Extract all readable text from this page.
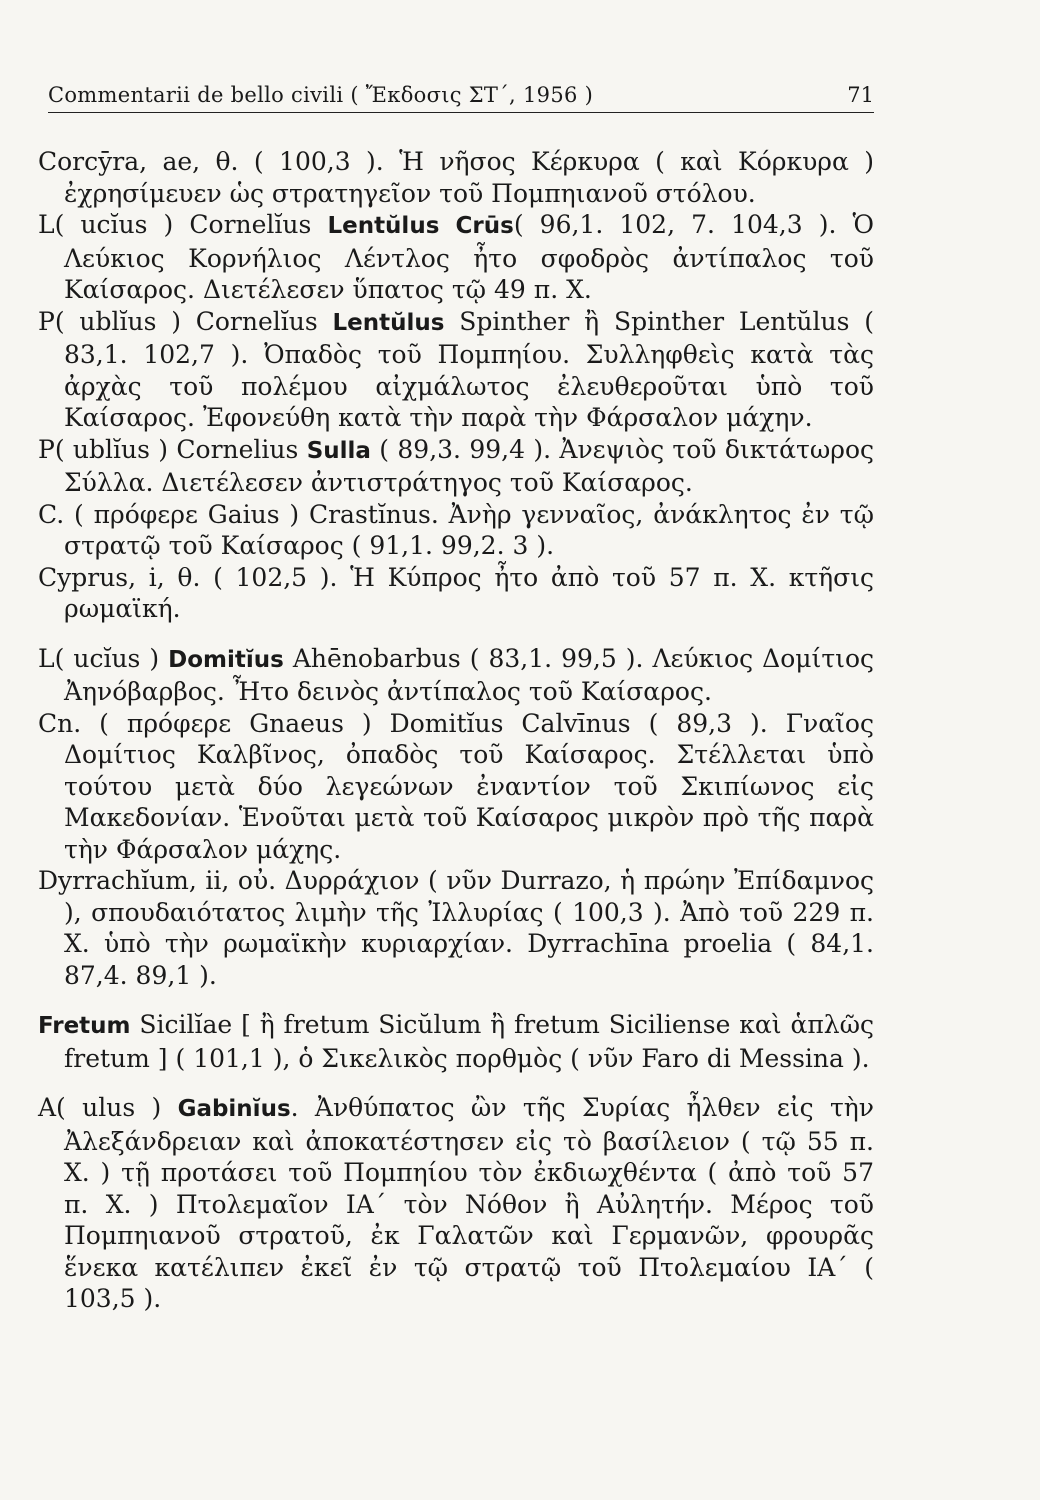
Commentarii de bello civili ( Ἔκδοσις ΣΤ΄, 1956 )	71

Corcȳra, ae, θ. ( 100,3 ). Ἡ νῆσος Κέρκυρα ( καὶ Κόρκυρα ) ἐχρησίμευεν ὡς στρατηγεῖον τοῦ Πομπηιανοῦ στόλου.

L( ucĭus ) Cornelĭus Lentŭlus Crūs( 96,1. 102, 7. 104,3 ). Ὁ Λεύκιος Κορνήλιος Λέντλος ἦτο σφοδρὸς ἀντίπαλος τοῦ Καίσαρος. Διετέλεσεν ὕπατος τῷ 49 π. Χ.

P( ublĭus ) Cornelĭus Lentŭlus Spinther ἢ Spinther Lentŭlus ( 83,1. 102,7 ). Ὀπαδὸς τοῦ Πομπηίου. Συλληφθεὶς κατὰ τὰς ἀρχὰς τοῦ πολέμου αἰχμάλωτος ἐλευθεροῦται ὑπὸ τοῦ Καίσαρος. Ἐφονεύθη κατὰ τὴν παρὰ τὴν Φάρσαλον μάχην.

P( ublĭus ) Cornelius Sulla ( 89,3. 99,4 ). Ἀνεψιὸς τοῦ δικτάτωρος Σύλλα. Διετέλεσεν ἀντιστράτηγος τοῦ Καίσαρος.

C. ( πρόφερε Gaius ) Crastĭnus. Ἀνὴρ γενναῖος, ἀνάκλητος ἐν τῷ στρατῷ τοῦ Καίσαρος ( 91,1. 99,2. 3 ).

Cyprus, i, θ. ( 102,5 ). Ἡ Κύπρος ἦτο ἀπὸ τοῦ 57 π. Χ. κτῆσις ρωμαϊκή.

L( ucĭus ) Domitĭus Ahēnobarbus ( 83,1. 99,5 ). Λεύκιος Δομίτιος Ἀηνόβαρβος. Ἦτο δεινὸς ἀντίπαλος τοῦ Καίσαρος.

Cn. ( πρόφερε Gnaeus ) Domitĭus Calvīnus ( 89,3 ). Γναῖος Δομίτιος Καλβῖνος, ὀπαδὸς τοῦ Καίσαρος. Στέλλεται ὑπὸ τούτου μετὰ δύο λεγεώνων ἐναντίον τοῦ Σκιπίωνος εἰς Μακεδονίαν. Ἑνοῦται μετὰ τοῦ Καίσαρος μικρὸν πρὸ τῆς παρὰ τὴν Φάρσαλον μάχης.

Dyrrachĭum, ii, οὐ. Δυρράχιον ( νῦν Durrazo, ἡ πρώην Ἐπίδαμνος ), σπουδαιότατος λιμὴν τῆς Ἰλλυρίας ( 100,3 ). Ἀπὸ τοῦ 229 π. Χ. ὑπὸ τὴν ρωμαϊκὴν κυριαρχίαν. Dyrrachīna proelia ( 84,1. 87,4. 89,1 ).

Fretum Sicilĭae [ ἢ fretum Sicŭlum ἢ fretum Siciliense καὶ ἁπλῶς fretum ] ( 101,1 ), ὁ Σικελικὸς πορθμὸς ( νῦν Faro di Messina ).

A( ulus ) Gabinĭus. Ἀνθύπατος ὢν τῆς Συρίας ἦλθεν εἰς τὴν Ἀλεξάνδρειαν καὶ ἀποκατέστησεν εἰς τὸ βασίλειον ( τῷ 55 π. Χ. ) τῇ προτάσει τοῦ Πομπηίου τὸν ἐκδιωχθέντα ( ἀπὸ τοῦ 57 π. Χ. ) Πτολεμαῖον ΙΑ΄ τὸν Νόθον ἢ Αὐλητήν. Μέρος τοῦ Πομπηιανοῦ στρατοῦ, ἐκ Γαλατῶν καὶ Γερμανῶν, φρουρᾶς ἕνεκα κατέλιπεν ἐκεῖ ἐν τῷ στρατῷ τοῦ Πτολεμαίου ΙΑ΄ ( 103,5 ).
